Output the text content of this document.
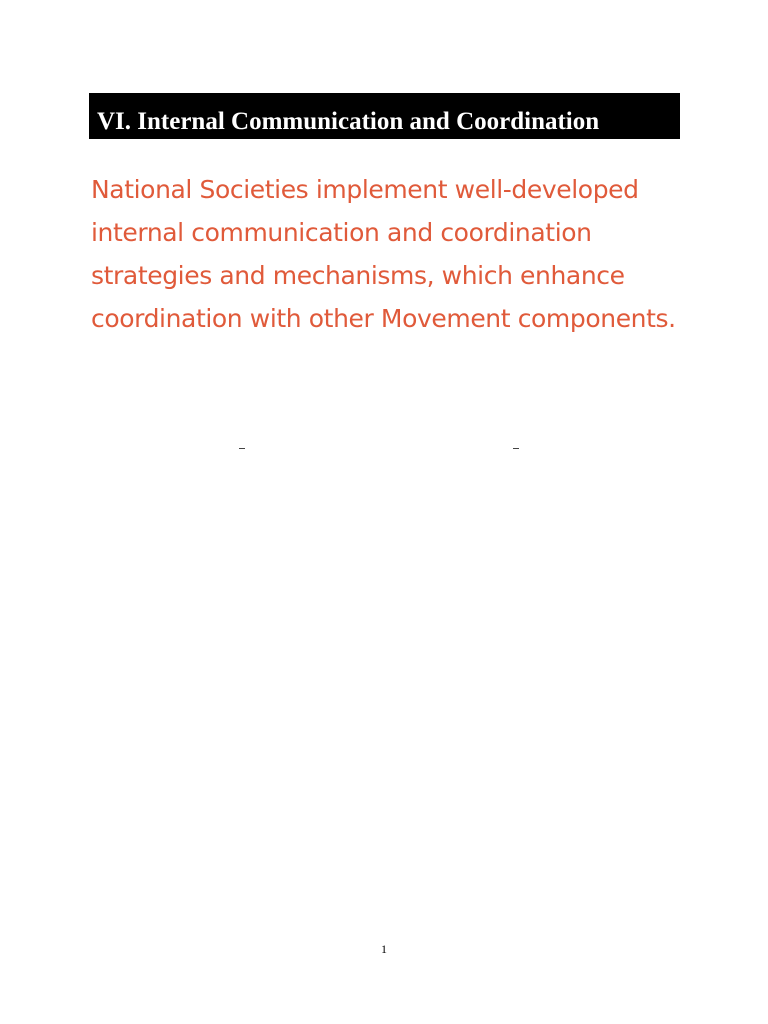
VI. Internal Communication and Coordination

National Societies implement well-developed internal communication and coordination strategies and mechanisms, which enhance coordination with other Movement components.

1
